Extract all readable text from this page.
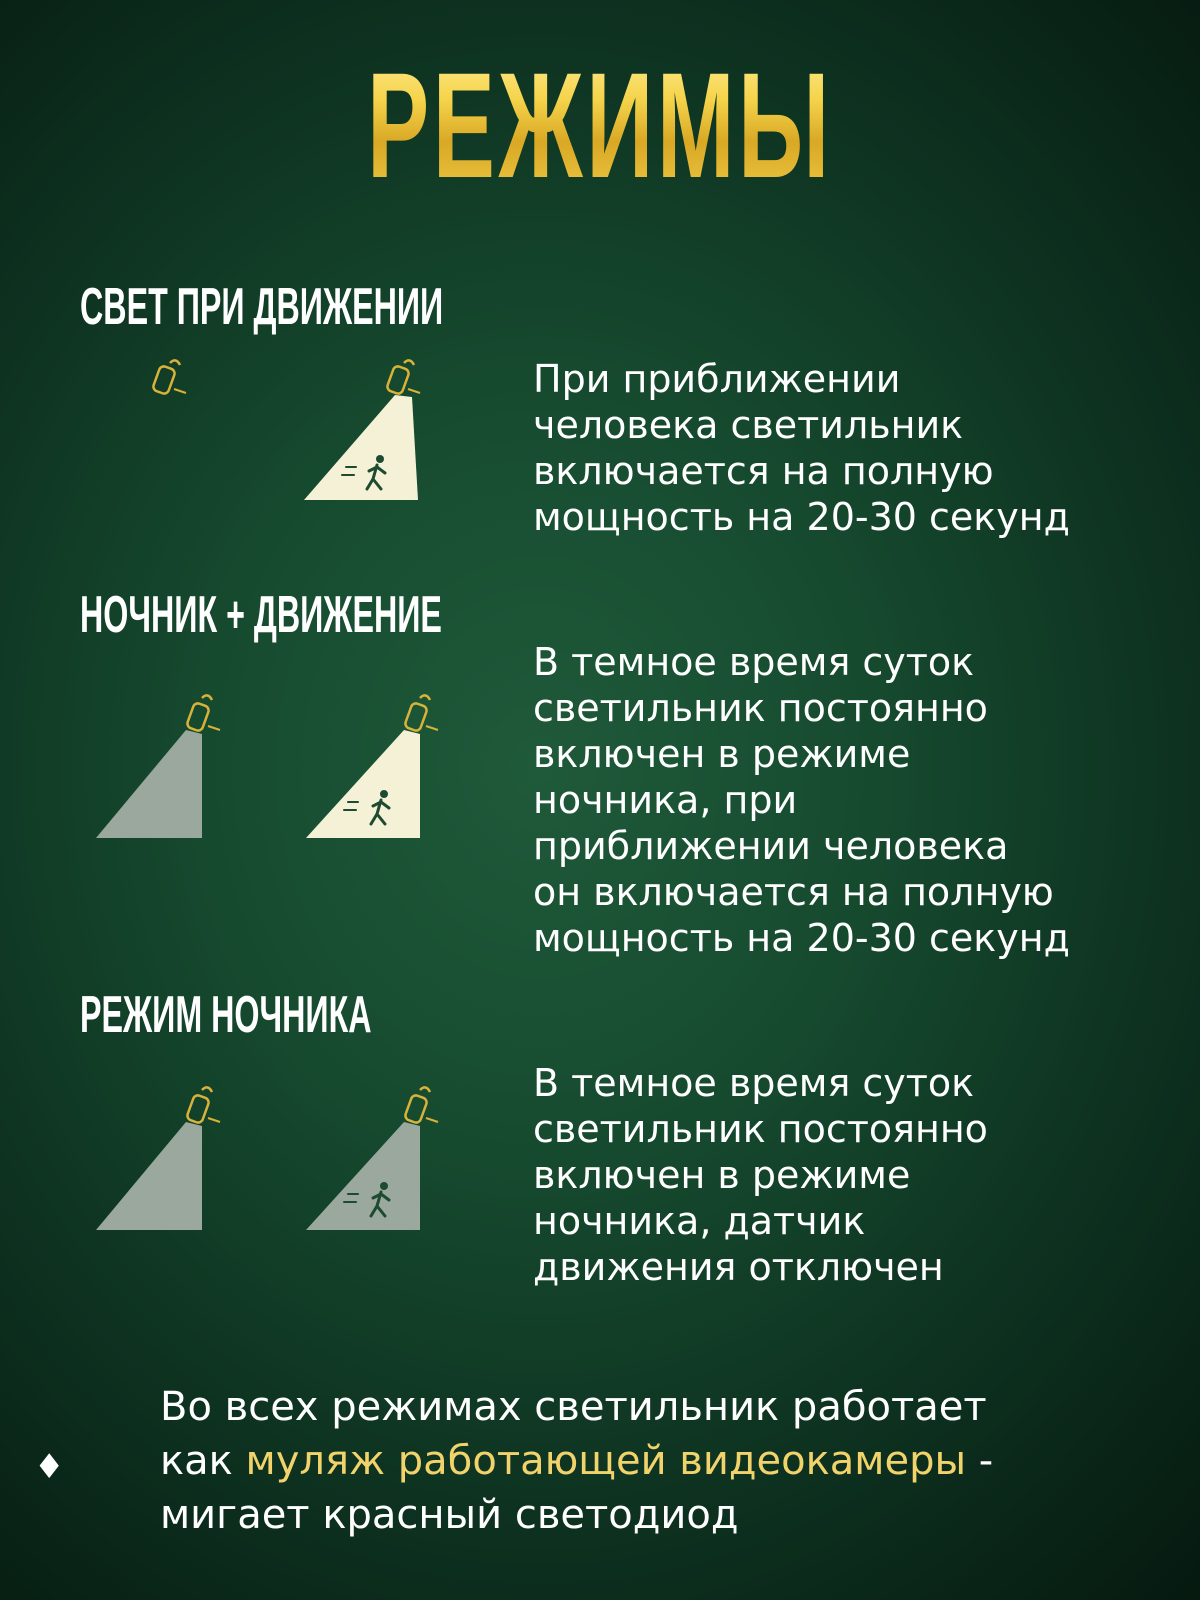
РЕЖИМЫ
СВЕТ ПРИ ДВИЖЕНИИ
При приближении
человека светильник
включается на полную
мощность на 20-30 секунд
НОЧНИК + ДВИЖЕНИЕ
В темное время суток
светильник постоянно
включен в режиме
ночника, при
приближении человека
он включается на полную
мощность на 20-30 секунд
РЕЖИМ НОЧНИКА
В темное время суток
светильник постоянно
включен в режиме
ночника, датчик
движения отключен
♦
Во всех режимах светильник работает
как муляж работающей видеокамеры -
мигает красный светодиод
